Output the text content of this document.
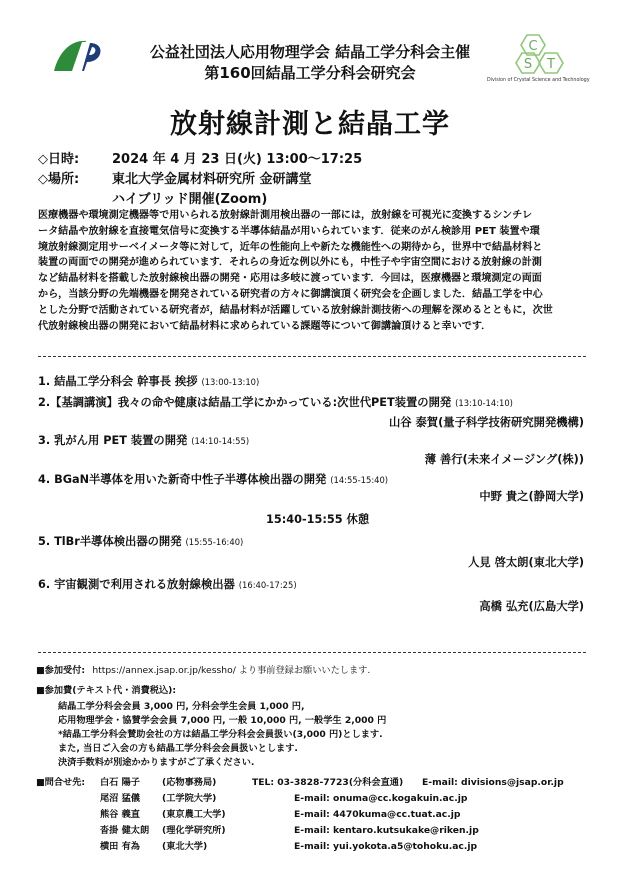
C
S T
Division of Crystal Science and Technology
公益社団法人応用物理学会 結晶工学分科会主催
第160回結晶工学分科会研究会
放射線計測と結晶工学
◇日時:	2024 年 4 月 23 日(火) 13:00～17:25
◇場所:	東北大学金属材料研究所 金研講堂
ハイブリッド開催(Zoom)
医療機器や環境測定機器等で用いられる放射線計測用検出器の一部には，放射線を可視光に変換するシンチレ
ータ結晶や放射線を直接電気信号に変換する半導体結晶が用いられています．従来のがん検診用 PET 装置や環
境放射線測定用サーベイメータ等に対して，近年の性能向上や新たな機能性への期待から，世界中で結晶材料と
装置の両面での開発が進められています．それらの身近な例以外にも，中性子や宇宙空間における放射線の計測
など結晶材料を搭載した放射線検出器の開発・応用は多岐に渡っています．今回は，医療機器と環境測定の両面
から，当該分野の先端機器を開発されている研究者の方々に御講演頂く研究会を企画しました．結晶工学を中心
とした分野で活動されている研究者が，結晶材料が活躍している放射線計測技術への理解を深めるとともに，次世
代放射線検出器の開発において結晶材料に求められている課題等について御講論頂けると幸いです．
1. 結晶工学分科会 幹事長 挨拶 (13:00-13:10)
2.【基調講演】我々の命や健康は結晶工学にかかっている:次世代PET装置の開発 (13:10-14:10)
山谷 泰賀(量子科学技術研究開発機構)
3. 乳がん用 PET 装置の開発 (14:10-14:55)
薄 善行(未来イメージング(株))
4. BGaN半導体を用いた新奇中性子半導体検出器の開発 (14:55-15:40)
中野 貴之(静岡大学)
15:40-15:55 休憩
5. TlBr半導体検出器の開発 (15:55-16:40)
人見 啓太朗(東北大学)
6. 宇宙観測で利用される放射線検出器 (16:40-17:25)
高橋 弘充(広島大学)
■参加受付: https://annex.jsap.or.jp/kessho/ より事前登録お願いいたします.
■参加費(テキスト代・消費税込):
結晶工学分科会会員 3,000 円, 分科会学生会員 1,000 円,
応用物理学会・協賛学会会員 7,000 円, 一般 10,000 円, 一般学生 2,000 円
*結晶工学分科会賛助会社の方は結晶工学分科会会員扱い(3,000 円)とします.
また, 当日ご入会の方も結晶工学分科会会員扱いとします.
決済手数料が別途かかりますがご了承ください.
■問合せ先: 白石 陽子 (応物事務局)	TEL: 03-3828-7723(分科会直通) E-mail: divisions@jsap.or.jp
尾沼 猛儀 (工学院大学)	E-mail: onuma@cc.kogakuin.ac.jp
熊谷 義直 (東京農工大学)	E-mail: 4470kuma@cc.tuat.ac.jp
沓掛 健太朗 (理化学研究所)	E-mail: kentaro.kutsukake@riken.jp
横田 有為 (東北大学)	E-mail: yui.yokota.a5@tohoku.ac.jp
